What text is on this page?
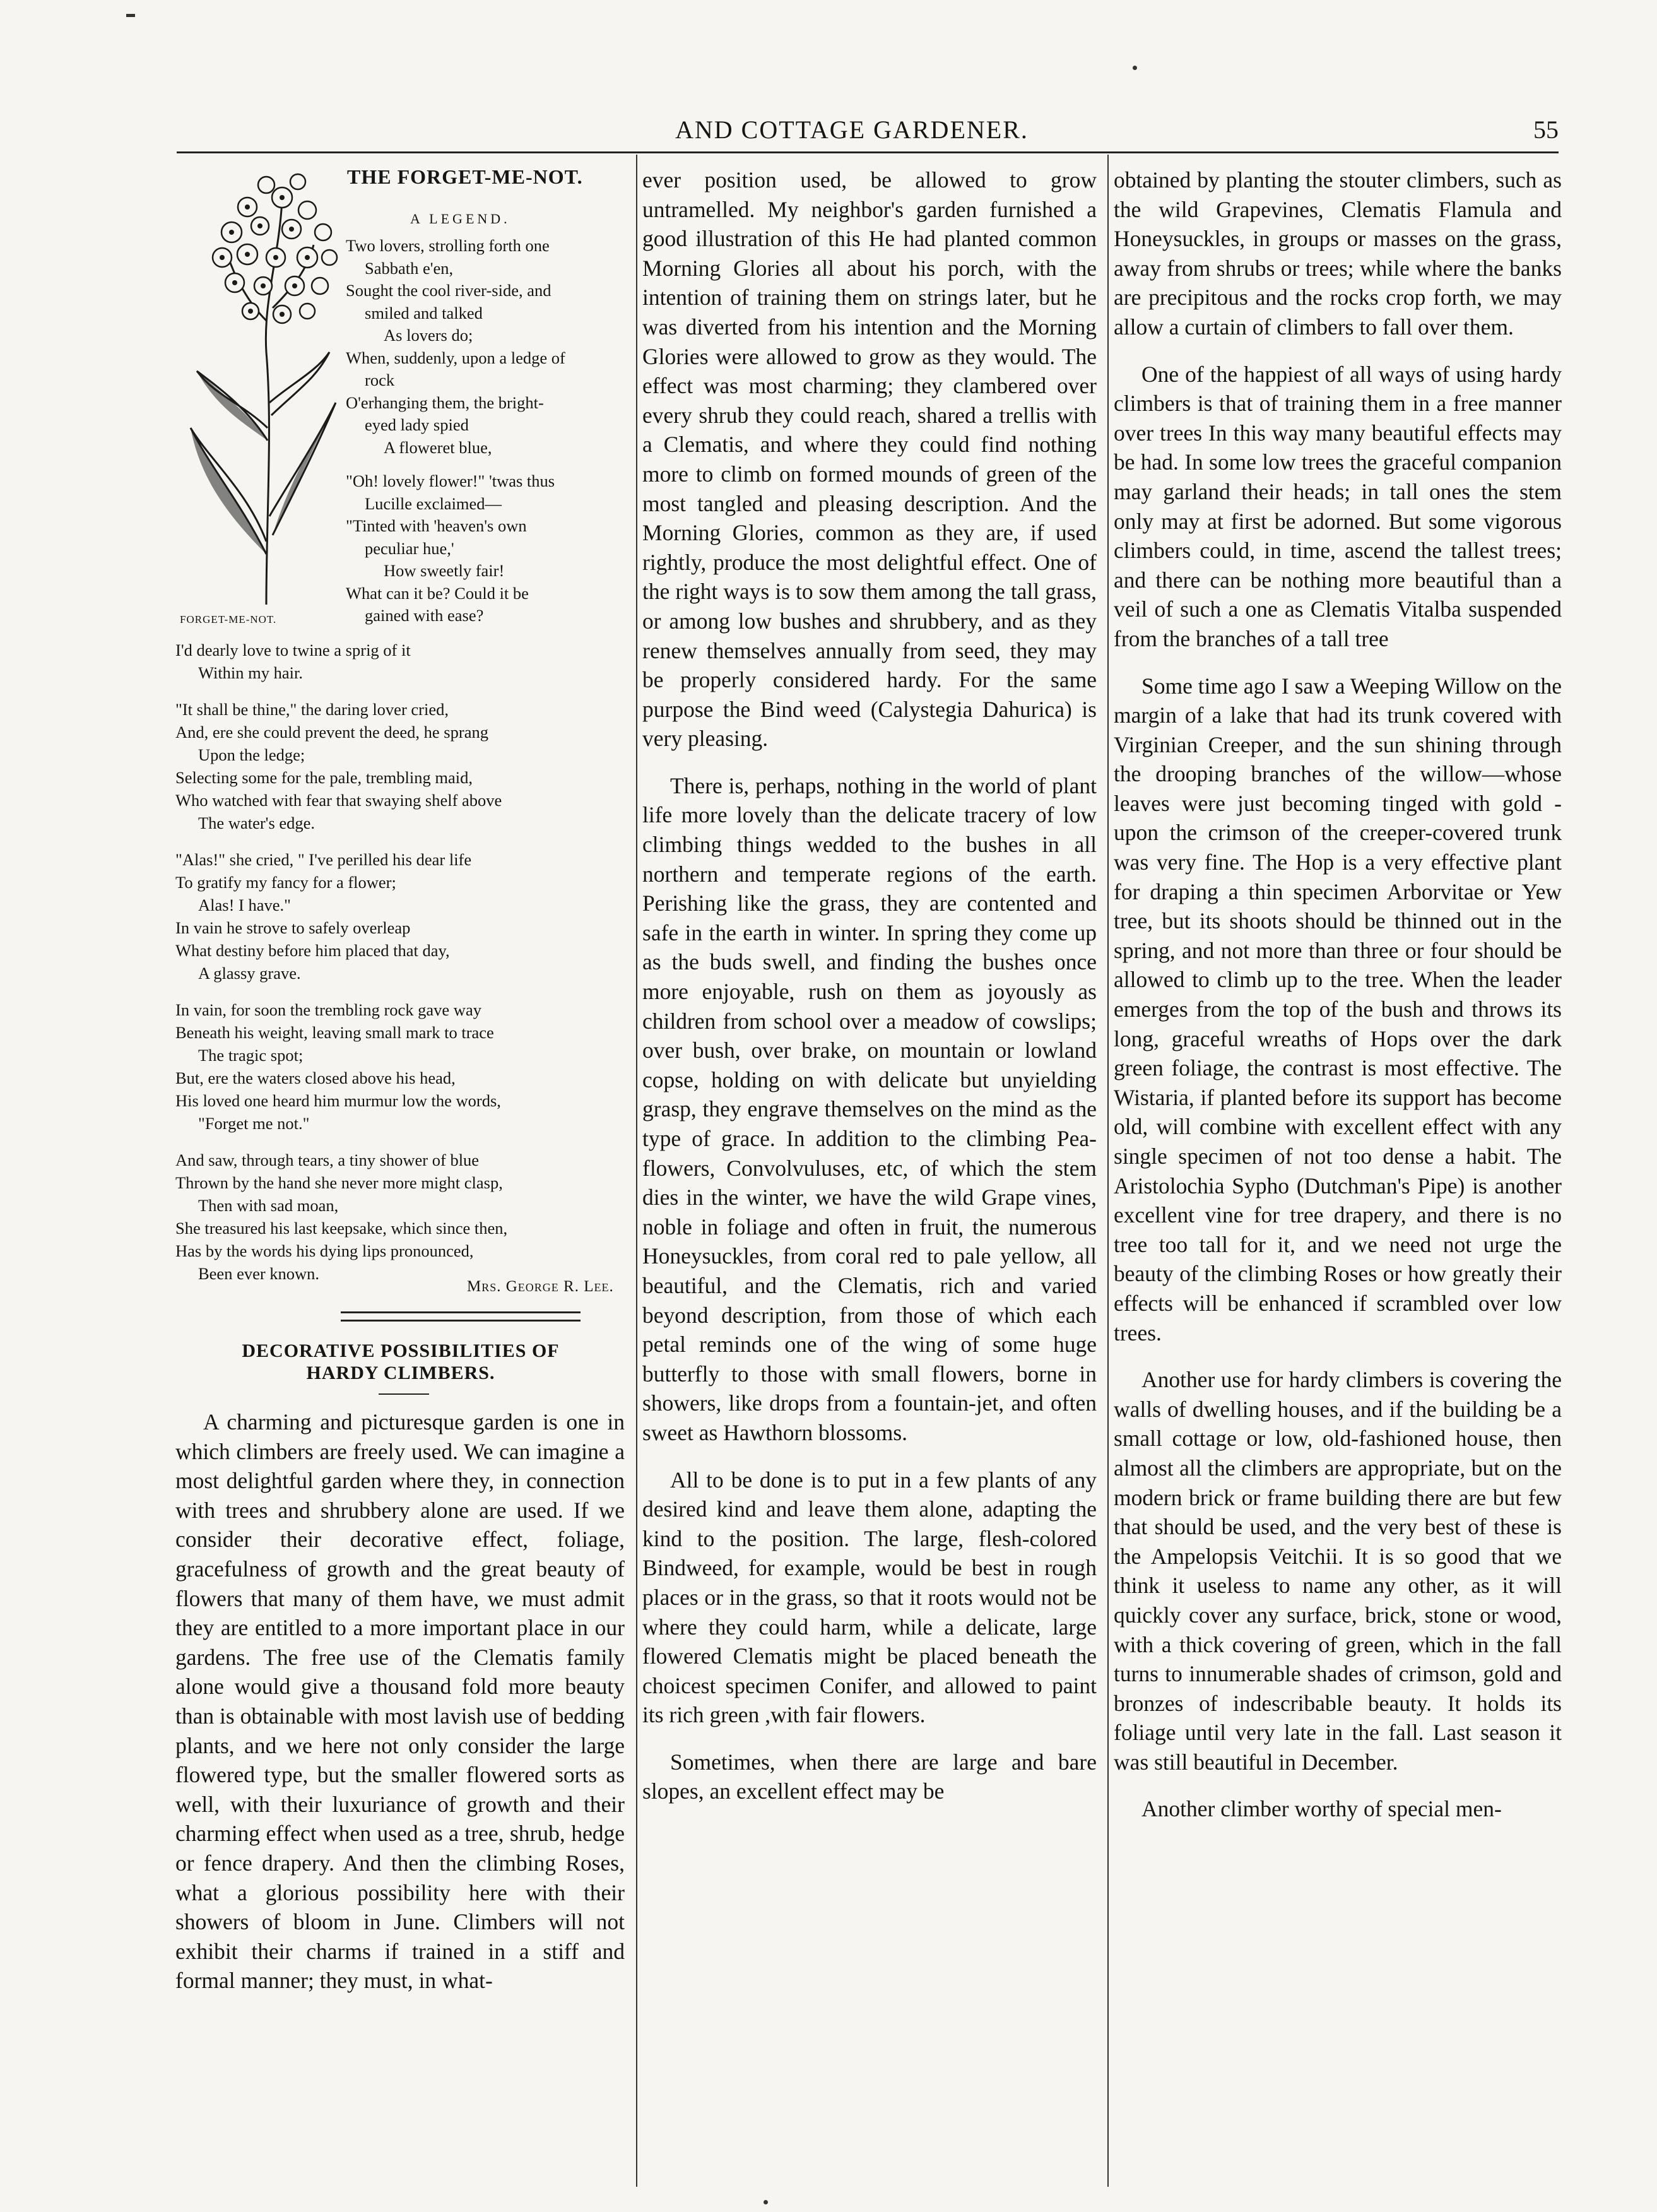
AND COTTAGE GARDENER.	55
THE FORGET-ME-NOT.
A LEGEND.
Two lovers, strolling forth one
Sabbath e'en,
Sought the cool river-side, and
smiled and talked
As lovers do;
When, suddenly, upon a ledge of
rock
O'erhanging them, the bright-
eyed lady spied
A floweret blue,
"Oh! lovely flower!" 'twas thus
Lucille exclaimed—
"Tinted with 'heaven's own
peculiar hue,'
How sweetly fair!
What can it be? Could it be
gained with ease?
FORGET-ME-NOT.
I'd dearly love to twine a sprig of it
Within my hair.
"It shall be thine," the daring lover cried,
And, ere she could prevent the deed, he sprang
Upon the ledge;
Selecting some for the pale, trembling maid,
Who watched with fear that swaying shelf above
The water's edge.
"Alas!" she cried, " I've perilled his dear life
To gratify my fancy for a flower;
Alas! I have."
In vain he strove to safely overleap
What destiny before him placed that day,
A glassy grave.
In vain, for soon the trembling rock gave way
Beneath his weight, leaving small mark to trace
The tragic spot;
But, ere the waters closed above his head,
His loved one heard him murmur low the words,
"Forget me not."
And saw, through tears, a tiny shower of blue
Thrown by the hand she never more might clasp,
Then with sad moan,
She treasured his last keepsake, which since then,
Has by the words his dying lips pronounced,
Been ever known.
Mrs. George R. Lee.
DECORATIVE POSSIBILITIES OF
HARDY CLIMBERS.

A charming and picturesque garden is one in which climbers are freely used. We can imagine a most delightful garden where they, in connection with trees and shrubbery alone are used. If we consider their decorative effect, foliage, gracefulness of growth and the great beauty of flowers that many of them have, we must admit they are entitled to a more important place in our gardens. The free use of the Clematis family alone would give a thousand fold more beauty than is obtainable with most lavish use of bedding plants, and we here not only consider the large flowered type, but the smaller flowered sorts as well, with their luxuriance of growth and their charming effect when used as a tree, shrub, hedge or fence drapery. And then the climbing Roses, what a glorious possibility here with their showers of bloom in June. Climbers will not exhibit their charms if trained in a stiff and formal manner; they must, in what-

ever position used, be allowed to grow untramelled. My neighbor's garden furnished a good illustration of this He had planted common Morning Glories all about his porch, with the intention of training them on strings later, but he was diverted from his intention and the Morning Glories were allowed to grow as they would. The effect was most charming; they clambered over every shrub they could reach, shared a trellis with a Clematis, and where they could find nothing more to climb on formed mounds of green of the most tangled and pleasing description. And the Morning Glories, common as they are, if used rightly, produce the most delightful effect. One of the right ways is to sow them among the tall grass, or among low bushes and shrubbery, and as they renew themselves annually from seed, they may be properly considered hardy. For the same purpose the Bind weed (Calystegia Dahurica) is very pleasing.

There is, perhaps, nothing in the world of plant life more lovely than the delicate tracery of low climbing things wedded to the bushes in all northern and temperate regions of the earth. Perishing like the grass, they are contented and safe in the earth in winter. In spring they come up as the buds swell, and finding the bushes once more enjoyable, rush on them as joyously as children from school over a meadow of cowslips; over bush, over brake, on mountain or lowland copse, holding on with delicate but unyielding grasp, they engrave themselves on the mind as the type of grace. In addition to the climbing Pea-flowers, Convolvuluses, etc, of which the stem dies in the winter, we have the wild Grape vines, noble in foliage and often in fruit, the numerous Honeysuckles, from coral red to pale yellow, all beautiful, and the Clematis, rich and varied beyond description, from those of which each petal reminds one of the wing of some huge butterfly to those with small flowers, borne in showers, like drops from a fountain-jet, and often sweet as Hawthorn blossoms.

All to be done is to put in a few plants of any desired kind and leave them alone, adapting the kind to the position. The large, flesh-colored Bindweed, for example, would be best in rough places or in the grass, so that it roots would not be where they could harm, while a delicate, large flowered Clematis might be placed beneath the choicest specimen Conifer, and allowed to paint its rich green ,with fair flowers.

Sometimes, when there are large and bare slopes, an excellent effect may be

obtained by planting the stouter climbers, such as the wild Grapevines, Clematis Flamula and Honeysuckles, in groups or masses on the grass, away from shrubs or trees; while where the banks are precipitous and the rocks crop forth, we may allow a curtain of climbers to fall over them.

One of the happiest of all ways of using hardy climbers is that of training them in a free manner over trees In this way many beautiful effects may be had. In some low trees the graceful companion may garland their heads; in tall ones the stem only may at first be adorned. But some vigorous climbers could, in time, ascend the tallest trees; and there can be nothing more beautiful than a veil of such a one as Clematis Vitalba suspended from the branches of a tall tree

Some time ago I saw a Weeping Willow on the margin of a lake that had its trunk covered with Virginian Creeper, and the sun shining through the drooping branches of the willow—whose leaves were just becoming tinged with gold - upon the crimson of the creeper-covered trunk was very fine. The Hop is a very effective plant for draping a thin specimen Arborvitae or Yew tree, but its shoots should be thinned out in the spring, and not more than three or four should be allowed to climb up to the tree. When the leader emerges from the top of the bush and throws its long, graceful wreaths of Hops over the dark green foliage, the contrast is most effective. The Wistaria, if planted before its support has become old, will combine with excellent effect with any single specimen of not too dense a habit. The Aristolochia Sypho (Dutchman's Pipe) is another excellent vine for tree drapery, and there is no tree too tall for it, and we need not urge the beauty of the climbing Roses or how greatly their effects will be enhanced if scrambled over low trees.

Another use for hardy climbers is covering the walls of dwelling houses, and if the building be a small cottage or low, old-fashioned house, then almost all the climbers are appropriate, but on the modern brick or frame building there are but few that should be used, and the very best of these is the Ampelopsis Veitchii. It is so good that we think it useless to name any other, as it will quickly cover any surface, brick, stone or wood, with a thick covering of green, which in the fall turns to innumerable shades of crimson, gold and bronzes of indescribable beauty. It holds its foliage until very late in the fall. Last season it was still beautiful in December.

Another climber worthy of special men-
